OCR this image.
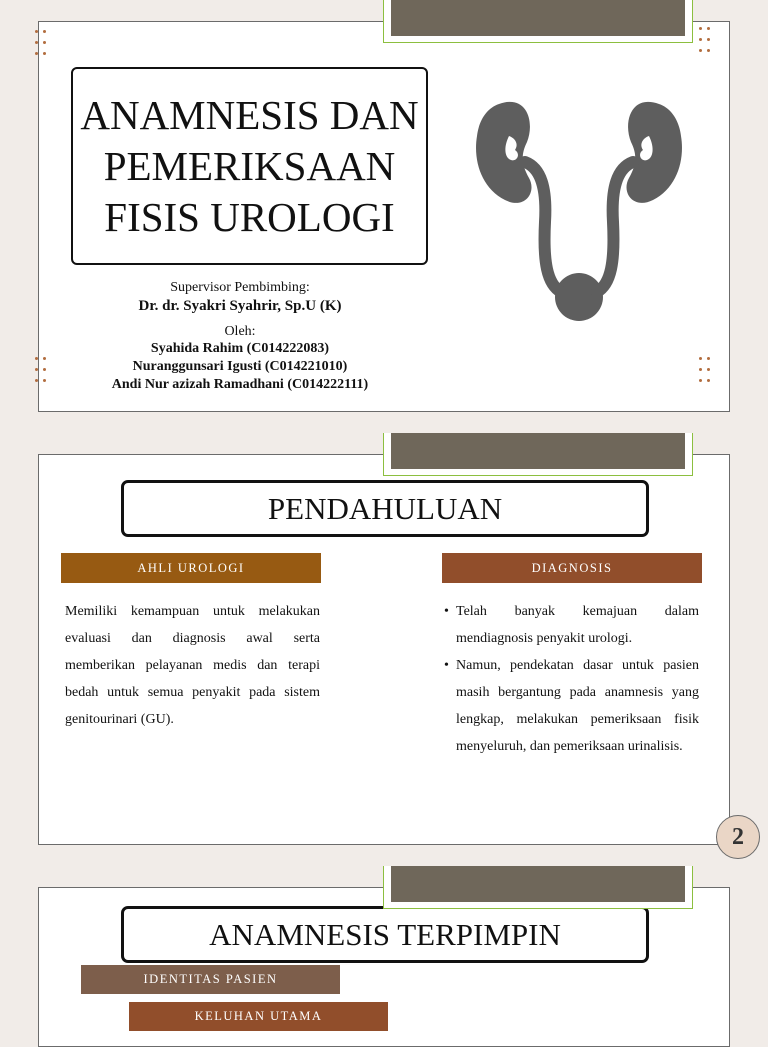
ANAMNESIS DAN
PEMERIKSAAN
FISIS UROLOGI
Supervisor Pembimbing:
Dr. dr. Syakri Syahrir, Sp.U (K)
Oleh:
Syahida Rahim (C014222083)
Nuranggunsari Igusti (C014221010)
Andi Nur azizah Ramadhani (C014222111)
PENDAHULUAN
AHLI UROLOGI	DIAGNOSIS
Memiliki kemampuan untuk melakukan evaluasi dan diagnosis awal serta memberikan pelayanan medis dan terapi bedah untuk semua penyakit pada sistem genitourinari (GU).
• Telah banyak kemajuan dalam mendiagnosis penyakit urologi.
• Namun, pendekatan dasar untuk pasien masih bergantung pada anamnesis yang lengkap, melakukan pemeriksaan fisik menyeluruh, dan pemeriksaan urinalisis.
2
ANAMNESIS TERPIMPIN
IDENTITAS PASIEN
KELUHAN UTAMA
